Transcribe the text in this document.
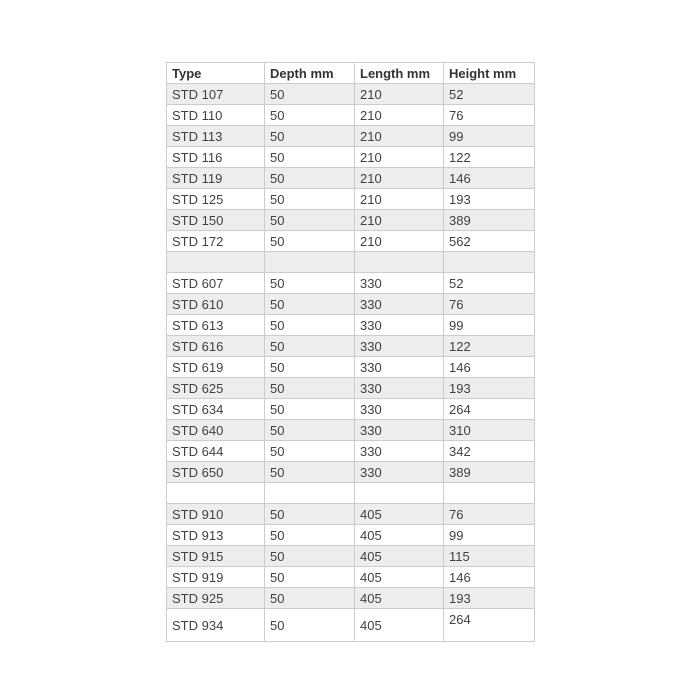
Type	Depth mm	Length mm	Height mm
STD 107	50	210	52
STD 110	50	210	76
STD 113	50	210	99
STD 116	50	210	122
STD 119	50	210	146
STD 125	50	210	193
STD 150	50	210	389
STD 172	50	210	562

STD 607	50	330	52
STD 610	50	330	76
STD 613	50	330	99
STD 616	50	330	122
STD 619	50	330	146
STD 625	50	330	193
STD 634	50	330	264
STD 640	50	330	310
STD 644	50	330	342
STD 650	50	330	389

STD 910	50	405	76
STD 913	50	405	99
STD 915	50	405	115
STD 919	50	405	146
STD 925	50	405	193
STD 934	50	405	264
